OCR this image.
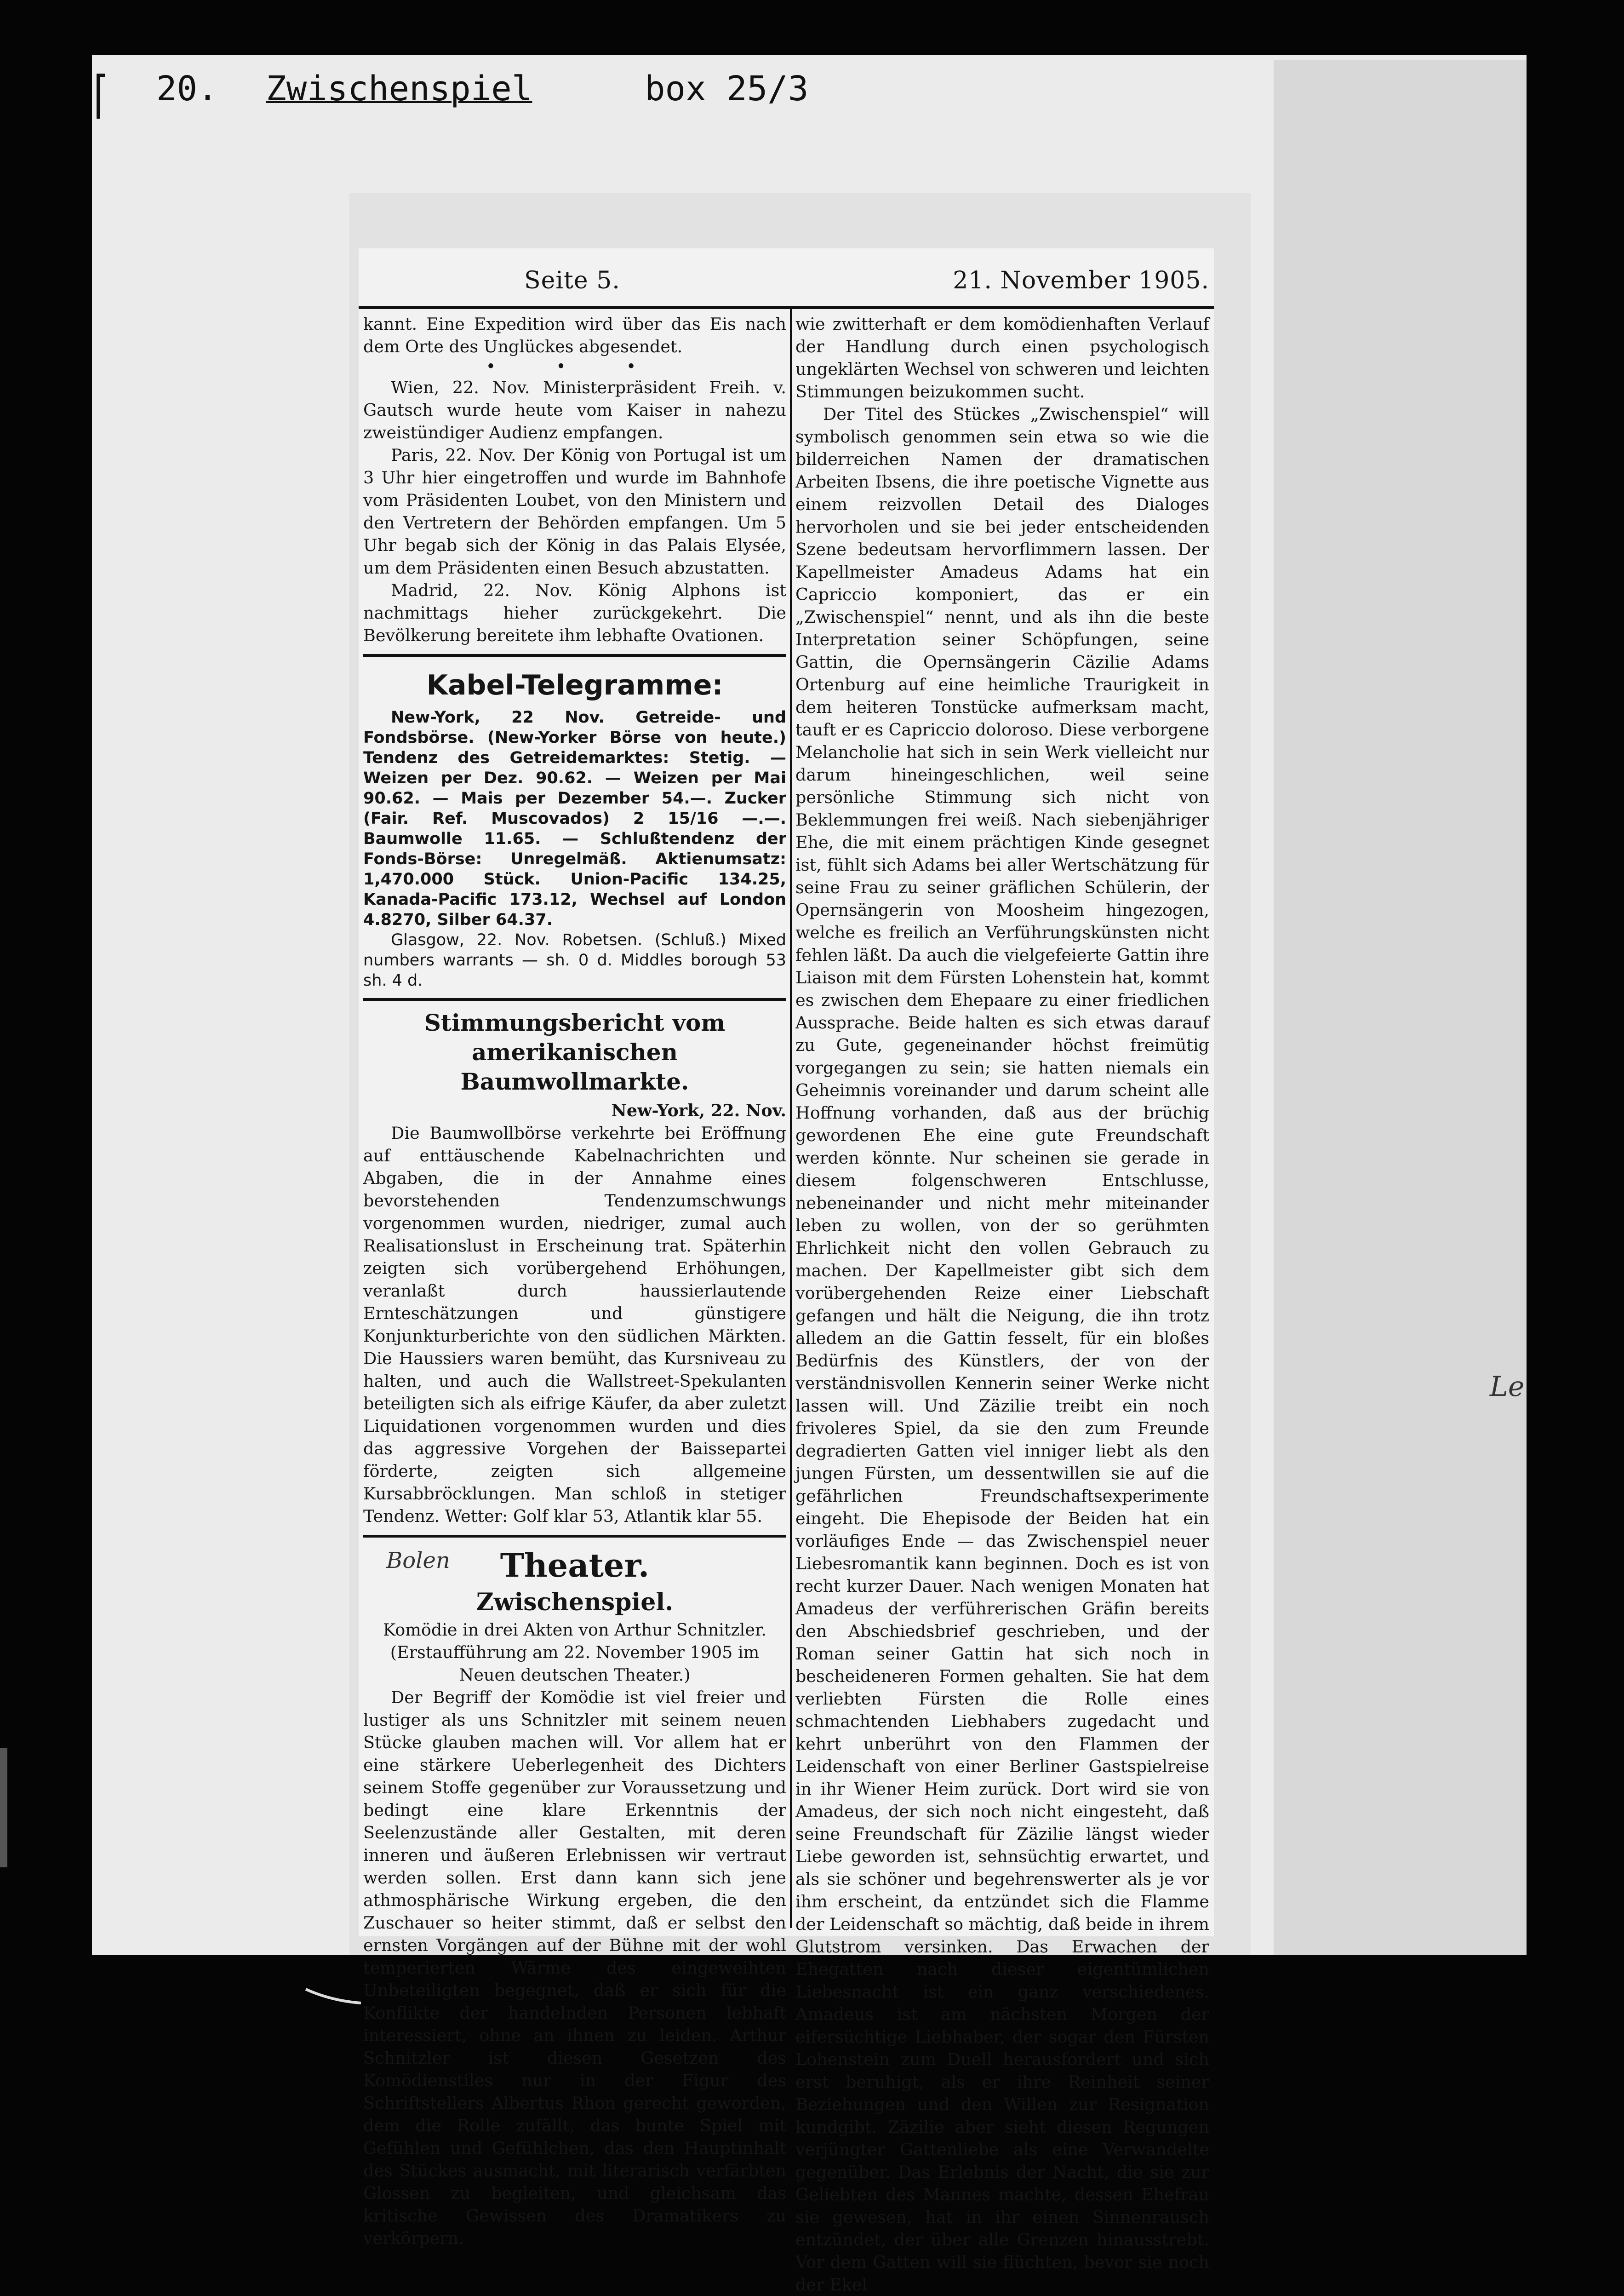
20. Zwischenspiel	box 25/3
Seite 5.	21. November 1905.

kannt. Eine Expedition wird über das Eis nach dem Orte des Unglückes abgesendet.

• • •

Wien, 22. Nov. Ministerpräsident Freih. v. Gautsch wurde heute vom Kaiser in nahezu zweistündiger Audienz empfangen.

Paris, 22. Nov. Der König von Portugal ist um 3 Uhr hier eingetroffen und wurde im Bahnhofe vom Präsidenten Loubet, von den Ministern und den Vertretern der Behörden empfangen. Um 5 Uhr begab sich der König in das Palais Elysée, um dem Präsidenten einen Besuch abzustatten.

Madrid, 22. Nov. König Alphons ist nachmittags hieher zurückgekehrt. Die Bevölkerung bereitete ihm lebhafte Ovationen.

Kabel-Telegramme:

New-York, 22 Nov. Getreide- und Fondsbörse. (New-Yorker Börse von heute.) Tendenz des Getreidemarktes: Stetig. — Weizen per Dez. 90.62. — Weizen per Mai 90.62. — Mais per Dezember 54.—. Zucker (Fair. Ref. Muscovados) 2 15/16 —.—. Baumwolle 11.65. — Schlußtendenz der Fonds-Börse: Unregelmäß. Aktienumsatz: 1,470.000 Stück. Union-Pacific 134.25, Kanada-Pacific 173.12, Wechsel auf London 4.8270, Silber 64.37.

Glasgow, 22. Nov. Robetsen. (Schluß.) Mixed numbers warrants — sh. 0 d. Middles borough 53 sh. 4 d.

Stimmungsbericht vom amerikanischen Baumwollmarkte.
New-York, 22. Nov.

Die Baumwollbörse verkehrte bei Eröffnung auf enttäuschende Kabelnachrichten und Abgaben, die in der Annahme eines bevorstehenden Tendenzumschwungs vorgenommen wurden, niedriger, zumal auch Realisationslust in Erscheinung trat. Späterhin zeigten sich vorübergehend Erhöhungen, veranlaßt durch haussierlautende Ernteschätzungen und günstigere Konjunkturberichte von den südlichen Märkten. Die Haussiers waren bemüht, das Kursniveau zu halten, und auch die Wallstreet-Spekulanten beteiligten sich als eifrige Käufer, da aber zuletzt Liquidationen vorgenommen wurden und dies das aggressive Vorgehen der Baissepartei förderte, zeigten sich allgemeine Kursabbröcklungen. Man schloß in stetiger Tendenz. Wetter: Golf klar 53, Atlantik klar 55.

Bolen	Theater.
Zwischenspiel.

Komödie in drei Akten von Arthur Schnitzler. (Erstaufführung am 22. November 1905 im Neuen deutschen Theater.)

Der Begriff der Komödie ist viel freier und lustiger als uns Schnitzler mit seinem neuen Stücke glauben machen will. Vor allem hat er eine stärkere Ueberlegenheit des Dichters seinem Stoffe gegenüber zur Voraussetzung und bedingt eine klare Erkenntnis der Seelenzustände aller Gestalten, mit deren inneren und äußeren Erlebnissen wir vertraut werden sollen. Erst dann kann sich jene athmosphärische Wirkung ergeben, die den Zuschauer so heiter stimmt, daß er selbst den ernsten Vorgängen auf der Bühne mit der wohl temperierten Wärme des eingeweihten Unbeteiligten begegnet, daß er sich für die Konflikte der handelnden Personen lebhaft interessiert, ohne an ihnen zu leiden. Arthur Schnitzler ist diesen Gesetzen des Komödienstiles nur in der Figur des Schriftstellers Albertus Rhon gerecht geworden, dem die Rolle zufällt, das bunte Spiel mit Gefühlen und Gefühlchen, das den Hauptinhalt des Stückes ausmacht, mit literarisch verfärbten Glossen zu begleiten, und gleichsam das kritische Gewissen des Dramatikers zu verkörpern.

wie zwitterhaft er dem komödienhaften Verlauf der Handlung durch einen psychologisch ungeklärten Wechsel von schweren und leichten Stimmungen beizukommen sucht.

Der Titel des Stückes „Zwischenspiel“ will symbolisch genommen sein etwa so wie die bilderreichen Namen der dramatischen Arbeiten Ibsens, die ihre poetische Vignette aus einem reizvollen Detail des Dialoges hervorholen und sie bei jeder entscheidenden Szene bedeutsam hervorflimmern lassen. Der Kapellmeister Amadeus Adams hat ein Capriccio komponiert, das er ein „Zwischenspiel“ nennt, und als ihn die beste Interpretation seiner Schöpfungen, seine Gattin, die Opernsängerin Cäzilie Adams Ortenburg auf eine heimliche Traurigkeit in dem heiteren Tonstücke aufmerksam macht, tauft er es Capriccio doloroso. Diese verborgene Melancholie hat sich in sein Werk vielleicht nur darum hineingeschlichen, weil seine persönliche Stimmung sich nicht von Beklemmungen frei weiß. Nach siebenjähriger Ehe, die mit einem prächtigen Kinde gesegnet ist, fühlt sich Adams bei aller Wertschätzung für seine Frau zu seiner gräflichen Schülerin, der Opernsängerin von Moosheim hingezogen, welche es freilich an Verführungskünsten nicht fehlen läßt. Da auch die vielgefeierte Gattin ihre Liaison mit dem Fürsten Lohenstein hat, kommt es zwischen dem Ehepaare zu einer friedlichen Aussprache. Beide halten es sich etwas darauf zu Gute, gegeneinander höchst freimütig vorgegangen zu sein; sie hatten niemals ein Geheimnis voreinander und darum scheint alle Hoffnung vorhanden, daß aus der brüchig gewordenen Ehe eine gute Freundschaft werden könnte. Nur scheinen sie gerade in diesem folgenschweren Entschlusse, nebeneinander und nicht mehr miteinander leben zu wollen, von der so gerühmten Ehrlichkeit nicht den vollen Gebrauch zu machen. Der Kapellmeister gibt sich dem vorübergehenden Reize einer Liebschaft gefangen und hält die Neigung, die ihn trotz alledem an die Gattin fesselt, für ein bloßes Bedürfnis des Künstlers, der von der verständnisvollen Kennerin seiner Werke nicht lassen will. Und Zäzilie treibt ein noch frivoleres Spiel, da sie den zum Freunde degradierten Gatten viel inniger liebt als den jungen Fürsten, um dessentwillen sie auf die gefährlichen Freundschaftsexperimente eingeht. Die Ehepisode der Beiden hat ein vorläufiges Ende — das Zwischenspiel neuer Liebesromantik kann beginnen. Doch es ist von recht kurzer Dauer. Nach wenigen Monaten hat Amadeus der verführerischen Gräfin bereits den Abschiedsbrief geschrieben, und der Roman seiner Gattin hat sich noch in bescheideneren Formen gehalten. Sie hat dem verliebten Fürsten die Rolle eines schmachtenden Liebhabers zugedacht und kehrt unberührt von den Flammen der Leidenschaft von einer Berliner Gastspielreise in ihr Wiener Heim zurück. Dort wird sie von Amadeus, der sich noch nicht eingesteht, daß seine Freundschaft für Zäzilie längst wieder Liebe geworden ist, sehnsüchtig erwartet, und als sie schöner und begehrenswerter als je vor ihm erscheint, da entzündet sich die Flamme der Leidenschaft so mächtig, daß beide in ihrem Glutstrom versinken. Das Erwachen der Ehegatten nach dieser eigentümlichen Liebesnacht ist ein ganz verschiedenes. Amadeus ist am nächsten Morgen der eifersüchtige Liebhaber, der sogar den Fürsten Lohenstein zum Duell herausfordert und sich erst beruhigt, als er ihre Reinheit seiner Beziehungen und den Willen zur Resignation kundgibt. Zäzilie aber sieht diesen Regungen verjüngter Gattenliebe als eine Verwandelte gegenüber. Das Erlebnis der Nacht, die sie zur Geliebten des Mannes machte, dessen Ehefrau sie gewesen, hat in ihr einen Sinnenrausch entzündet, der über alle Grenzen hinausstrebt. Vor dem Gatten will sie flüchten, bevor sie noch der Ekel

Le
